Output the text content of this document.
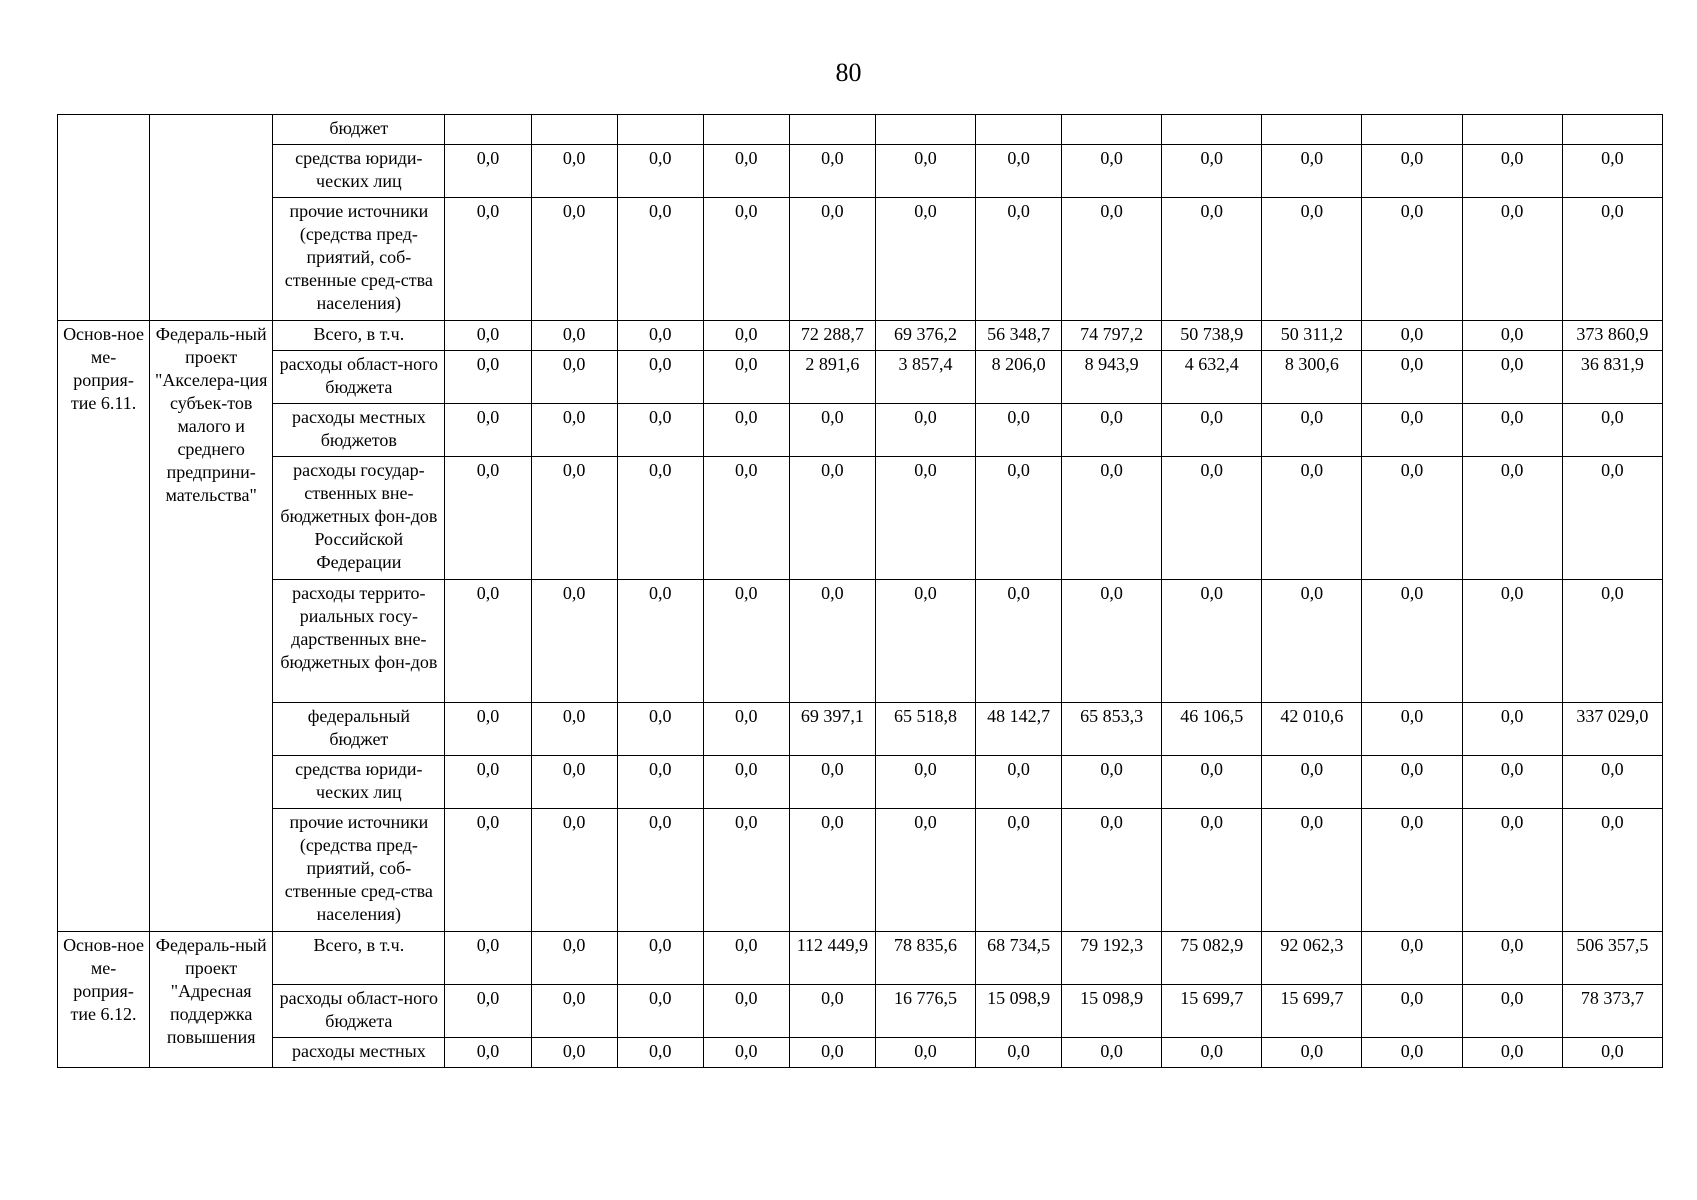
80
		бюджет													
		средства юриди-ческих лиц	0,0	0,0	0,0	0,0	0,0	0,0	0,0	0,0	0,0	0,0	0,0	0,0	0,0
		прочие источники (средства пред-приятий, соб-ственные сред-ства населения)	0,0	0,0	0,0	0,0	0,0	0,0	0,0	0,0	0,0	0,0	0,0	0,0	0,0
Основ-ное ме-роприя-тие 6.11.	Федераль-ный проект "Акселера-ция субъек-тов малого и среднего предприни-мательства"	Всего, в т.ч.	0,0	0,0	0,0	0,0	72 288,7	69 376,2	56 348,7	74 797,2	50 738,9	50 311,2	0,0	0,0	373 860,9
		расходы област-ного бюджета	0,0	0,0	0,0	0,0	2 891,6	3 857,4	8 206,0	8 943,9	4 632,4	8 300,6	0,0	0,0	36 831,9
		расходы местных бюджетов	0,0	0,0	0,0	0,0	0,0	0,0	0,0	0,0	0,0	0,0	0,0	0,0	0,0
		расходы государ-ственных вне-бюджетных фон-дов Российской Федерации	0,0	0,0	0,0	0,0	0,0	0,0	0,0	0,0	0,0	0,0	0,0	0,0	0,0
		расходы террито-риальных госу-дарственных вне-бюджетных фон-дов	0,0	0,0	0,0	0,0	0,0	0,0	0,0	0,0	0,0	0,0	0,0	0,0	0,0
		федеральный бюджет	0,0	0,0	0,0	0,0	69 397,1	65 518,8	48 142,7	65 853,3	46 106,5	42 010,6	0,0	0,0	337 029,0
		средства юриди-ческих лиц	0,0	0,0	0,0	0,0	0,0	0,0	0,0	0,0	0,0	0,0	0,0	0,0	0,0
		прочие источники (средства пред-приятий, соб-ственные сред-ства населения)	0,0	0,0	0,0	0,0	0,0	0,0	0,0	0,0	0,0	0,0	0,0	0,0	0,0
Основ-ное ме-роприя-тие 6.12.	Федераль-ный проект "Адресная поддержка повышения	Всего, в т.ч.	0,0	0,0	0,0	0,0	112 449,9	78 835,6	68 734,5	79 192,3	75 082,9	92 062,3	0,0	0,0	506 357,5
		расходы област-ного бюджета	0,0	0,0	0,0	0,0	0,0	16 776,5	15 098,9	15 098,9	15 699,7	15 699,7	0,0	0,0	78 373,7
		расходы местных	0,0	0,0	0,0	0,0	0,0	0,0	0,0	0,0	0,0	0,0	0,0	0,0	0,0
